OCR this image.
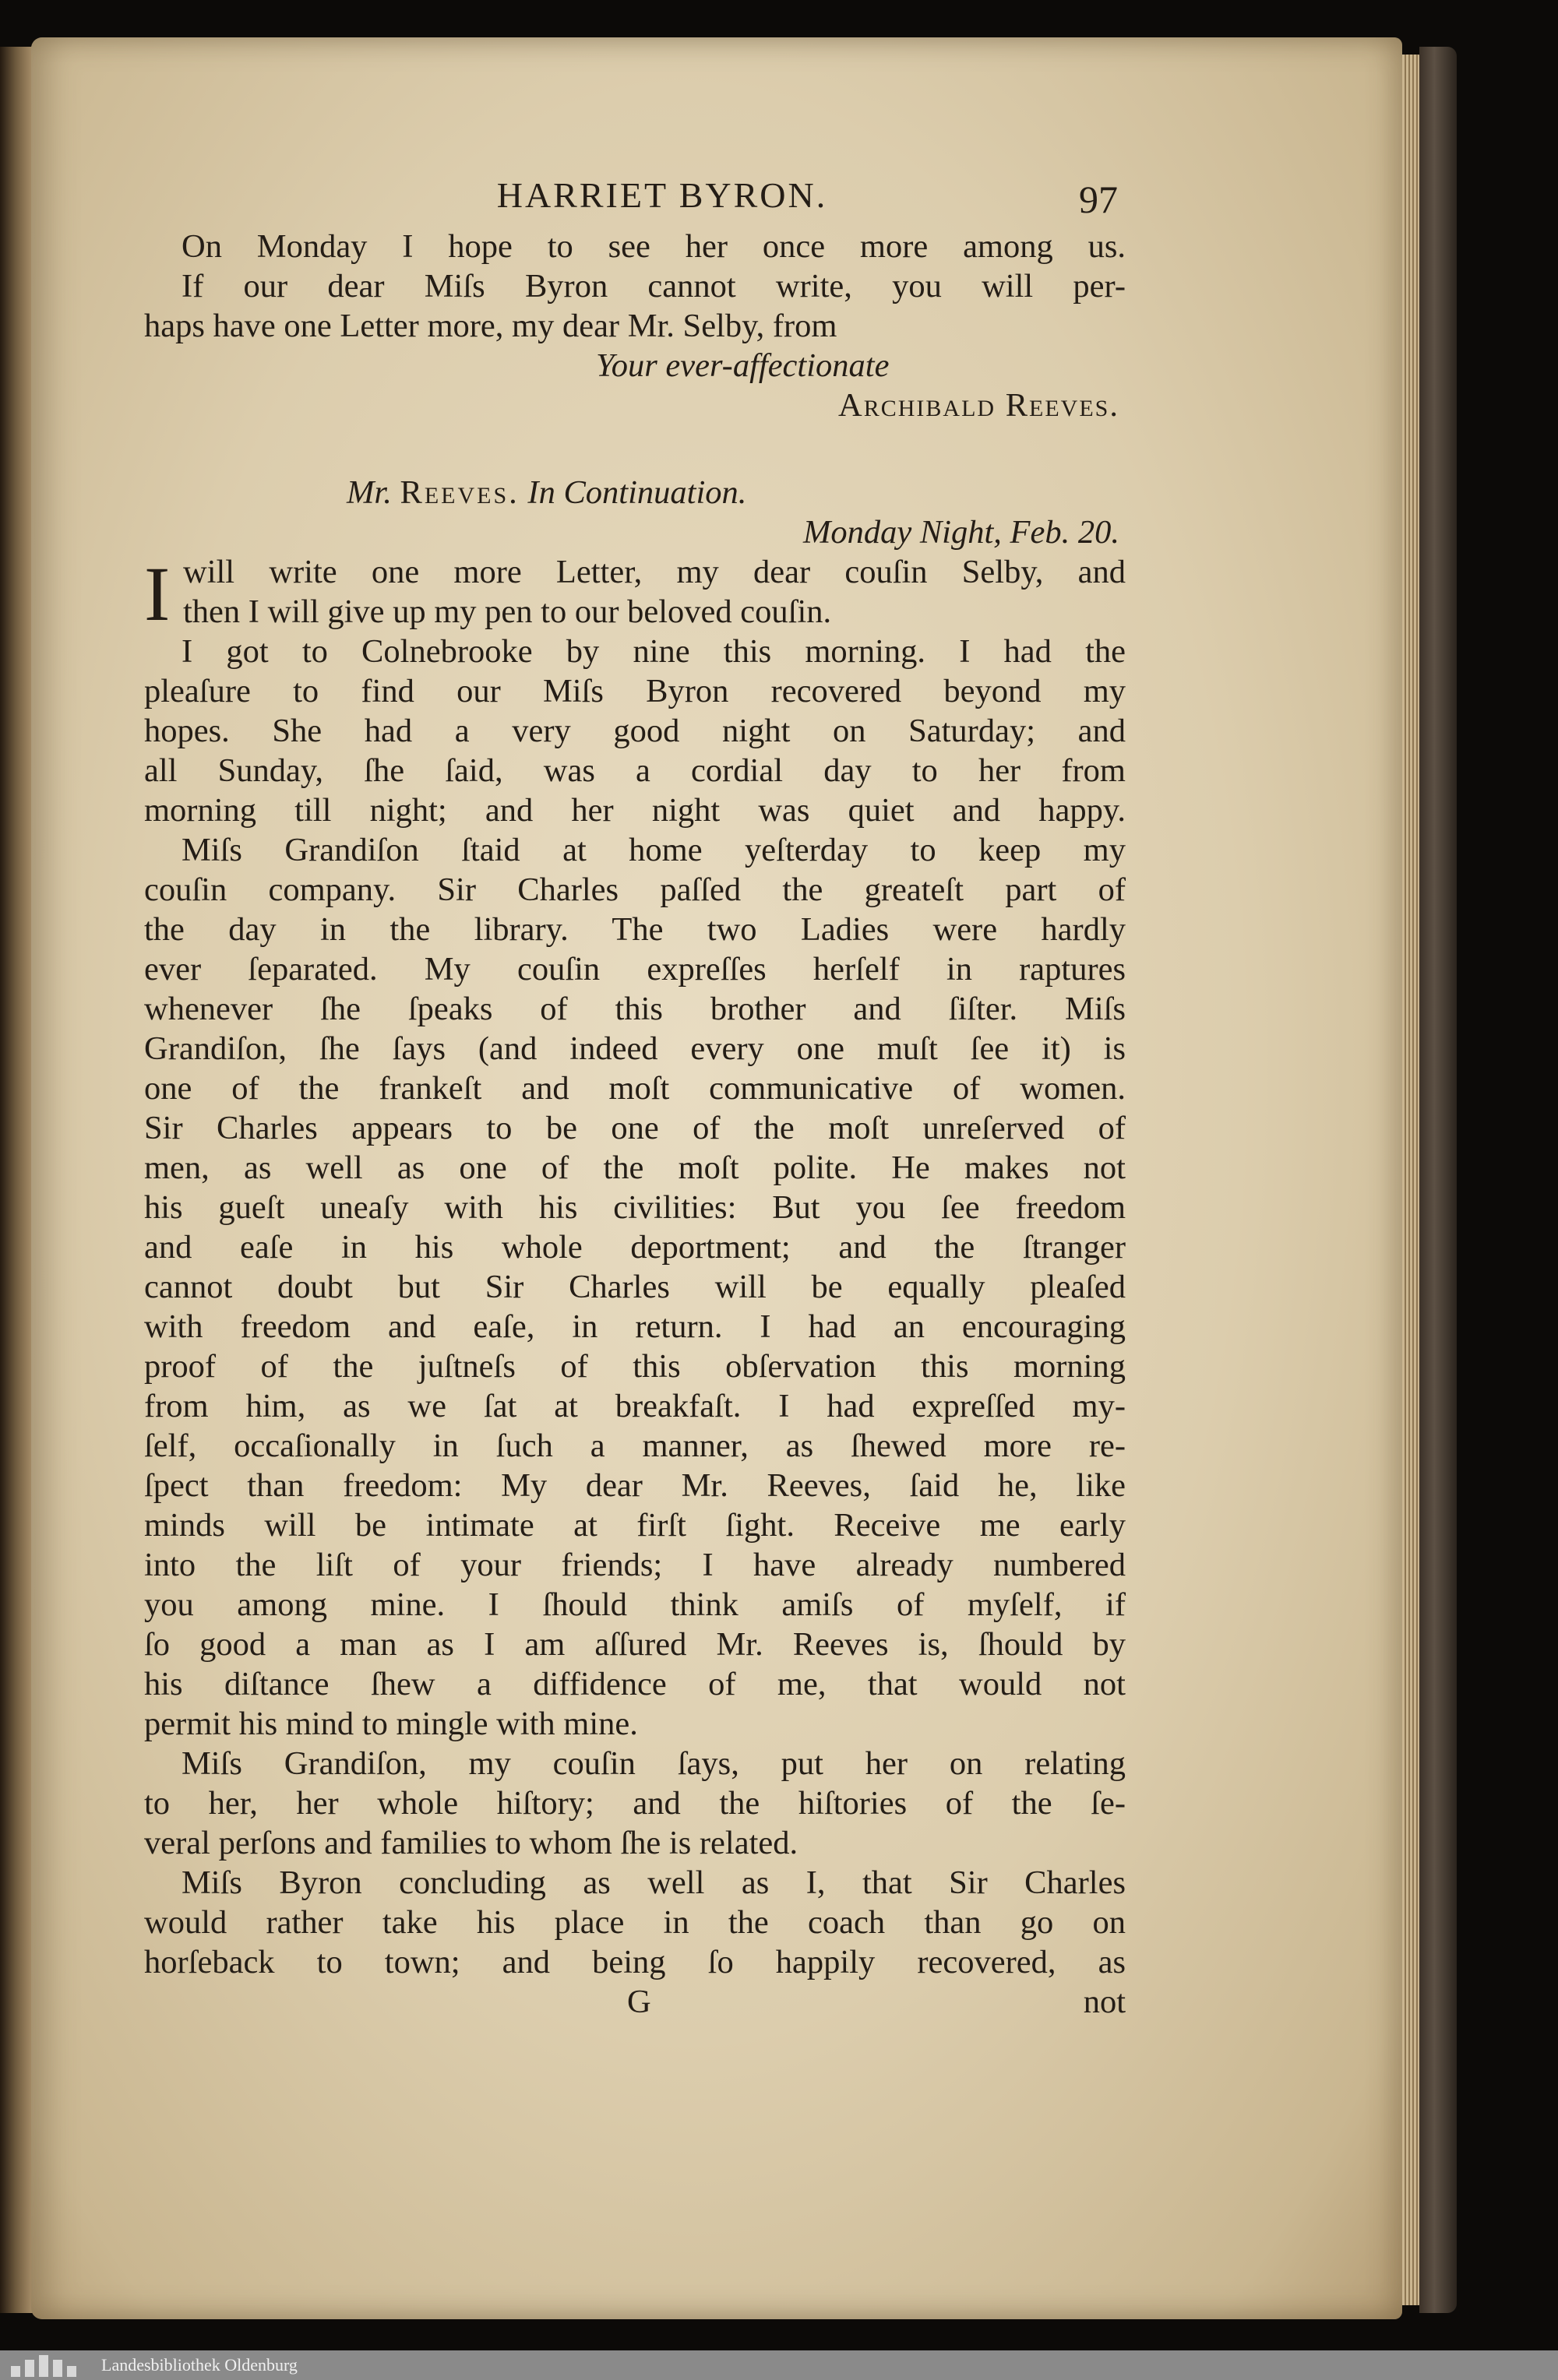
HARRIET BYRON.	97
On Monday I hope to see her once more among us.
If our dear Miſs Byron cannot write, you will per-
haps have one Letter more, my dear Mr. Selby, from
Your ever-affectionate
Archibald Reeves.
Mr. Reeves. In Continuation.
Monday Night, Feb. 20.
I will write one more Letter, my dear couſin Selby, and
then I will give up my pen to our beloved couſin.
I got to Colnebrooke by nine this morning. I had the
pleaſure to find our Miſs Byron recovered beyond my
hopes. She had a very good night on Saturday; and
all Sunday, ſhe ſaid, was a cordial day to her from
morning till night; and her night was quiet and happy.
Miſs Grandiſon ſtaid at home yeſterday to keep my
couſin company. Sir Charles paſſed the greateſt part of
the day in the library. The two Ladies were hardly
ever ſeparated. My couſin expreſſes herſelf in raptures
whenever ſhe ſpeaks of this brother and ſiſter. Miſs
Grandiſon, ſhe ſays (and indeed every one muſt ſee it) is
one of the frankeſt and moſt communicative of women.
Sir Charles appears to be one of the moſt unreſerved of
men, as well as one of the moſt polite. He makes not
his gueſt uneaſy with his civilities: But you ſee freedom
and eaſe in his whole deportment; and the ſtranger
cannot doubt but Sir Charles will be equally pleaſed
with freedom and eaſe, in return. I had an encouraging
proof of the juſtneſs of this obſervation this morning
from him, as we ſat at breakfaſt. I had expreſſed my-
ſelf, occaſionally in ſuch a manner, as ſhewed more re-
ſpect than freedom: My dear Mr. Reeves, ſaid he, like
minds will be intimate at firſt ſight. Receive me early
into the liſt of your friends; I have already numbered
you among mine. I ſhould think amiſs of myſelf, if
ſo good a man as I am aſſured Mr. Reeves is, ſhould by
his diſtance ſhew a diffidence of me, that would not
permit his mind to mingle with mine.
Miſs Grandiſon, my couſin ſays, put her on relating
to her, her whole hiſtory; and the hiſtories of the ſe-
veral perſons and families to whom ſhe is related.
Miſs Byron concluding as well as I, that Sir Charles
would rather take his place in the coach than go on
horſeback to town; and being ſo happily recovered, as
G	not
Landesbibliothek Oldenburg
